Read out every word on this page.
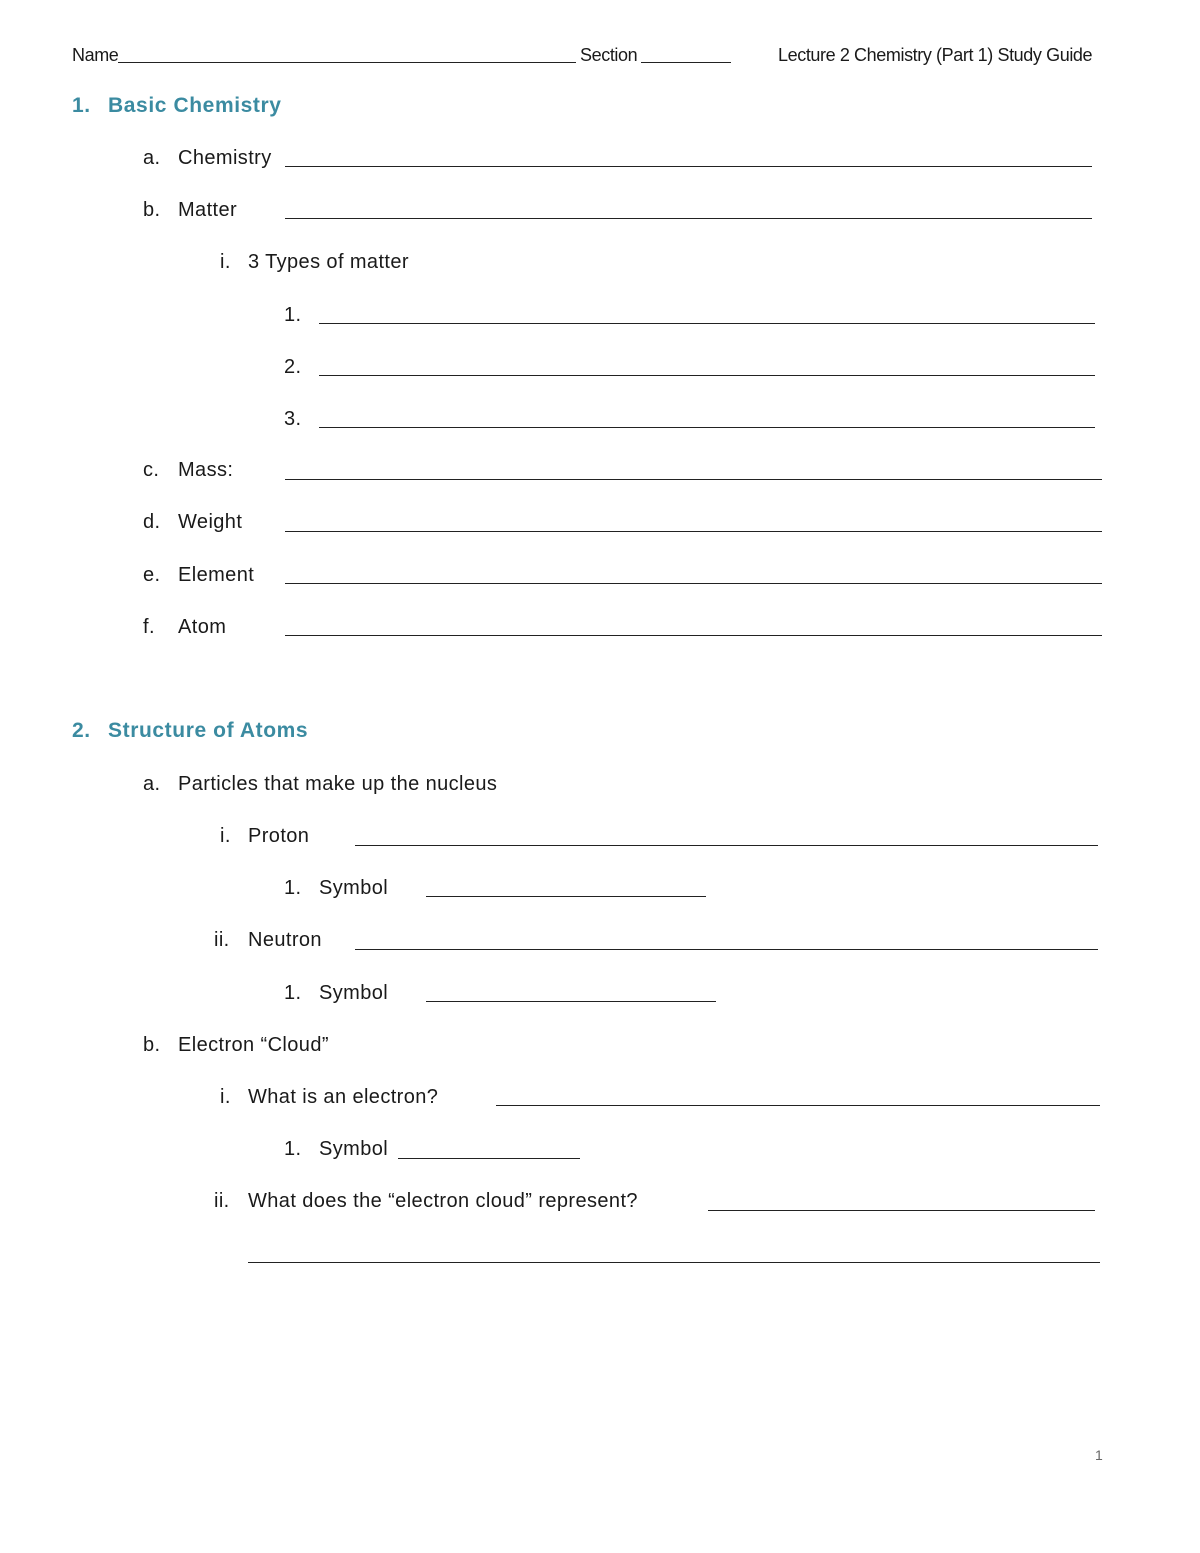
Name	Section	Lecture 2 Chemistry (Part 1) Study Guide
1. Basic Chemistry
a. Chemistry
b. Matter
i. 3 Types of matter
1.
2.
3.
c. Mass:
d. Weight
e. Element
f. Atom
2. Structure of Atoms
a. Particles that make up the nucleus
i. Proton
1. Symbol
ii. Neutron
1. Symbol
b. Electron “Cloud”
i. What is an electron?
1. Symbol
ii. What does the “electron cloud” represent?
1
